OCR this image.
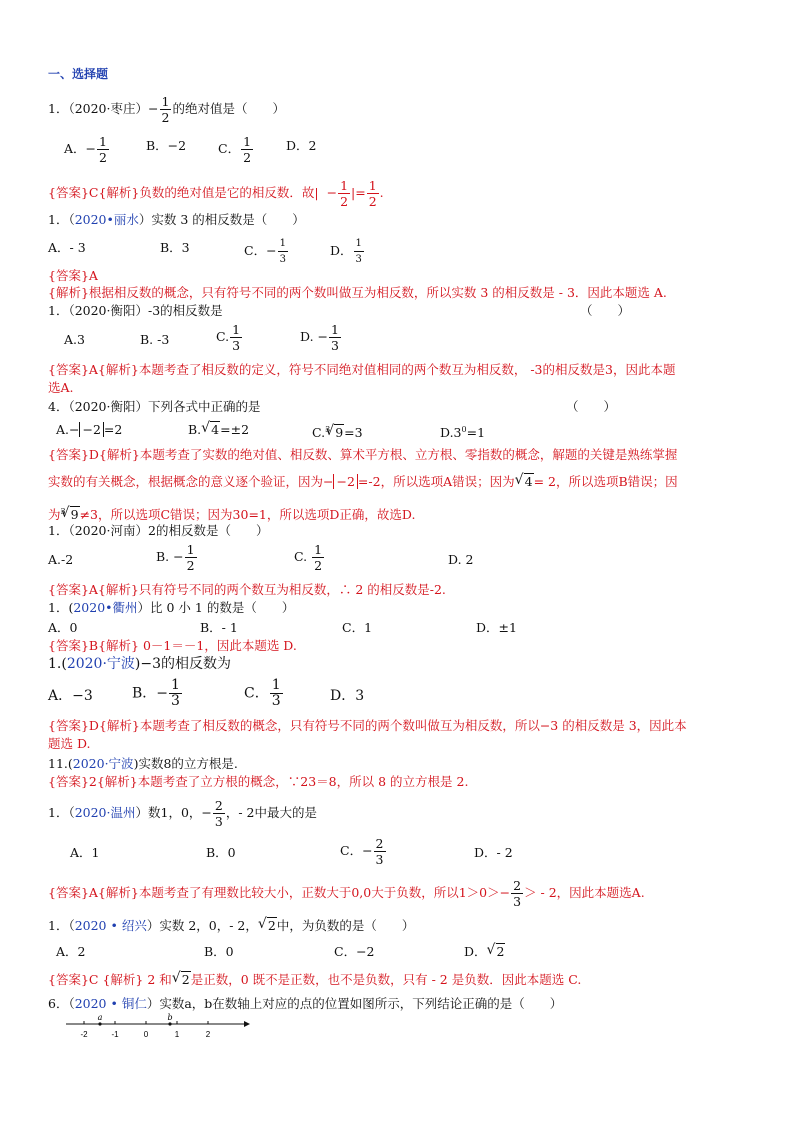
一、选择题
1．（2020·枣庄）− $\frac{1}{2}$ 的绝对值是（　　）
A．− $\frac{1}{2}$	B．−2	C． $\frac{1}{2}$	D．2
{答案}C{解析}负数的绝对值是它的相反数．故| − $\frac{1}{2}$ |= $\frac{1}{2}$ .
1．（2020•丽水）实数 3 的相反数是（　　）
A．- 3	B．3	C．− $\frac{1}{3}$	D． $\frac{1}{3}$
{答案}A
{解析}根据相反数的概念，只有符号不同的两个数叫做互为相反数，所以实数 3 的相反数是 - 3．因此本题选 A.
1．（2020·衡阳）-3的相反数是	（　　）
A.3	B. -3	C. $\frac{1}{3}$	D. − $\frac{1}{3}$
{答案}A{解析}本题考查了相反数的定义，符号不同绝对值相同的两个数互为相反数， -3的相反数是3，因此本题
选A.
4．（2020·衡阳）下列各式中正确的是	（　　）
A.− −2 =2	B. √ 4=±2	C.$^3$ √ 9=3	$D.3^0=1$
{答案}D{解析}本题考查了实数的绝对值、相反数、算术平方根、立方根、零指数的概念，解题的关键是熟练掌握
实数的有关概念，根据概念的意义逐个验证，因为− −2 =-2，所以选项A错误；因为 √ 4= 2，所以选项B错误；因
为$^3$ √ 9≠3，所以选项C错误；因为30=1，所以选项D正确，故选D.
1．（2020·河南）2的相反数是（　　）
A.-2	B. − $\frac{1}{2}$	C. $\frac{1}{2}$	D. 2
{答案}A{解析}只有符号不同的两个数互为相反数，∴ 2 的相反数是-2.
1．(2020•衢州）比 0 小 1 的数是（　　）
A．0	B．- 1	C．1	D．±1
{答案}B{解析} 0－1＝－1，因此本题选 D.
1.(2020·宁波)−3的相反数为
A．−3	B．− $\frac{1}{3}$	C． $\frac{1}{3}$	D．3
{答案}D{解析}本题考查了相反数的概念，只有符号不同的两个数叫做互为相反数，所以−3 的相反数是 3，因此本
题选 D.
11.(2020·宁波)实数8的立方根是.
{答案}2{解析}本题考查了立方根的概念，∵23＝8，所以 8 的立方根是 2.
1．（2020·温州）数1，0，− $\frac{2}{3}$ ，- 2中最大的是
A．1	B．0	C．− $\frac{2}{3}$	D．- 2
{答案}A{解析}本题考查了有理数比较大小，正数大于0,0大于负数，所以$1>0>- \frac{2}{3}$ ＞ - 2，因此本题选A.
1．（2020 • 绍兴）实数 2，0，- 2， √ 2中，为负数的是（　　）
A．2	B．0	C．−2	D． √ 2
{答案}C {解析} 2 和 √ 2是正数，0 既不是正数，也不是负数，只有 - 2 是负数．因此本题选 C.
6．（2020 • 铜仁）实数a，b在数轴上对应的点的位置如图所示，下列结论正确的是（　　）
-2	-1	0	1	2
a	b
